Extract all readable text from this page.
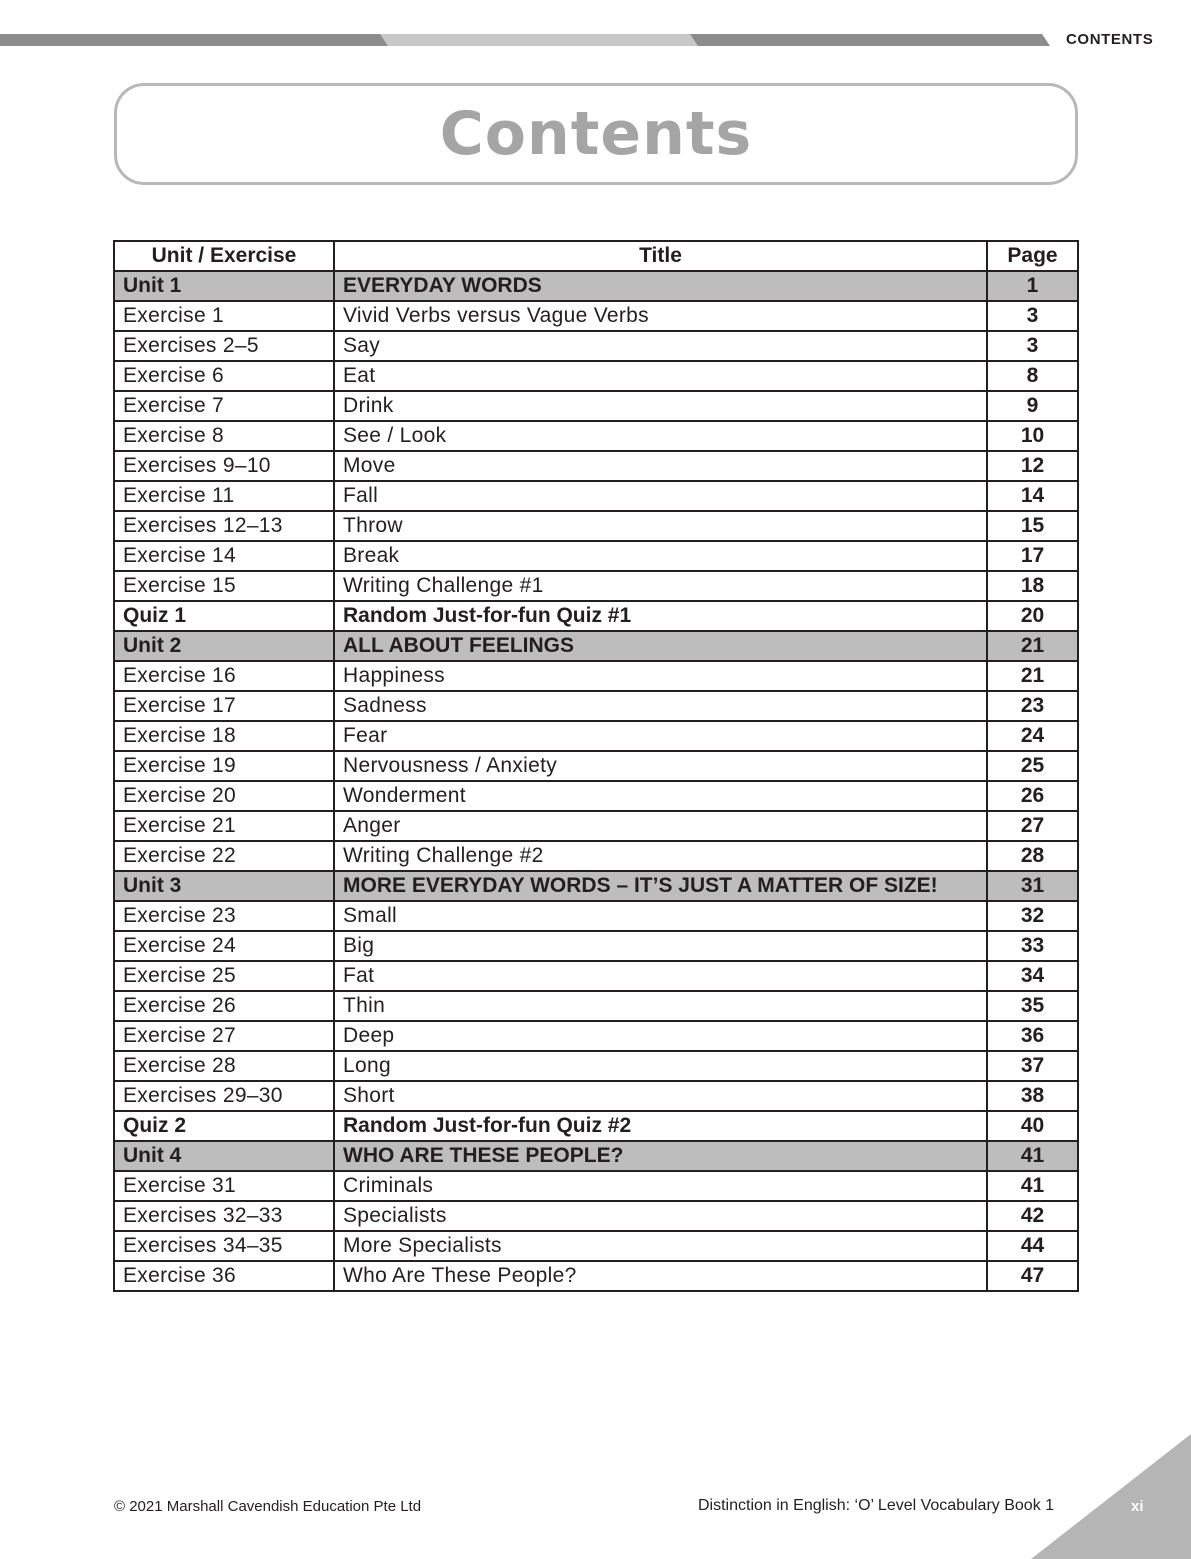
CONTENTS
Contents
Unit / Exercise	Title	Page
Unit 1	EVERYDAY WORDS	1
Exercise 1	Vivid Verbs versus Vague Verbs	3
Exercises 2–5	Say	3
Exercise 6	Eat	8
Exercise 7	Drink	9
Exercise 8	See / Look	10
Exercises 9–10	Move	12
Exercise 11	Fall	14
Exercises 12–13	Throw	15
Exercise 14	Break	17
Exercise 15	Writing Challenge #1	18
Quiz 1	Random Just-for-fun Quiz #1	20
Unit 2	ALL ABOUT FEELINGS	21
Exercise 16	Happiness	21
Exercise 17	Sadness	23
Exercise 18	Fear	24
Exercise 19	Nervousness / Anxiety	25
Exercise 20	Wonderment	26
Exercise 21	Anger	27
Exercise 22	Writing Challenge #2	28
Unit 3	MORE EVERYDAY WORDS – IT’S JUST A MATTER OF SIZE!	31
Exercise 23	Small	32
Exercise 24	Big	33
Exercise 25	Fat	34
Exercise 26	Thin	35
Exercise 27	Deep	36
Exercise 28	Long	37
Exercises 29–30	Short	38
Quiz 2	Random Just-for-fun Quiz #2	40
Unit 4	WHO ARE THESE PEOPLE?	41
Exercise 31	Criminals	41
Exercises 32–33	Specialists	42
Exercises 34–35	More Specialists	44
Exercise 36	Who Are These People?	47
© 2021 Marshall Cavendish Education Pte Ltd	Distinction in English: ‘O’ Level Vocabulary Book 1	xi
